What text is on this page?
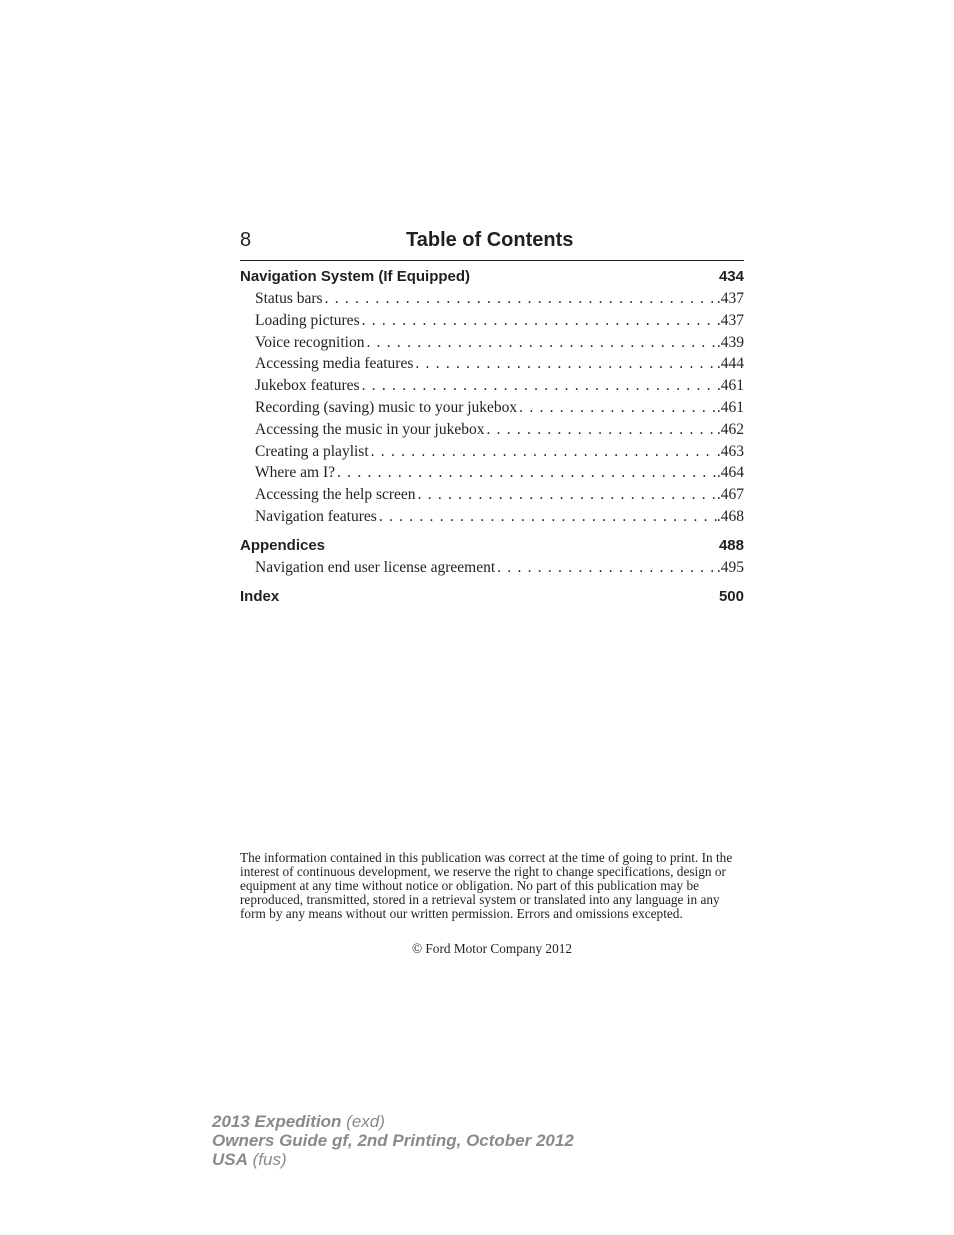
8	Table of Contents
Navigation System (If Equipped)	434
Status bars . . .	.437
Loading pictures . . .	.437
Voice recognition . . .	.439
Accessing media features . . .	.444
Jukebox features . . .	.461
Recording (saving) music to your jukebox . . .	.461
Accessing the music in your jukebox . . .	.462
Creating a playlist . . .	.463
Where am I? . . .	.464
Accessing the help screen . . .	.467
Navigation features . . .	.468
Appendices	488
Navigation end user license agreement . . .	.495
Index	500
The information contained in this publication was correct at the time of going to print. In the interest of continuous development, we reserve the right to change specifications, design or equipment at any time without notice or obligation. No part of this publication may be reproduced, transmitted, stored in a retrieval system or translated into any language in any form by any means without our written permission. Errors and omissions excepted.
© Ford Motor Company 2012
2013 Expedition (exd)
Owners Guide gf, 2nd Printing, October 2012
USA (fus)
